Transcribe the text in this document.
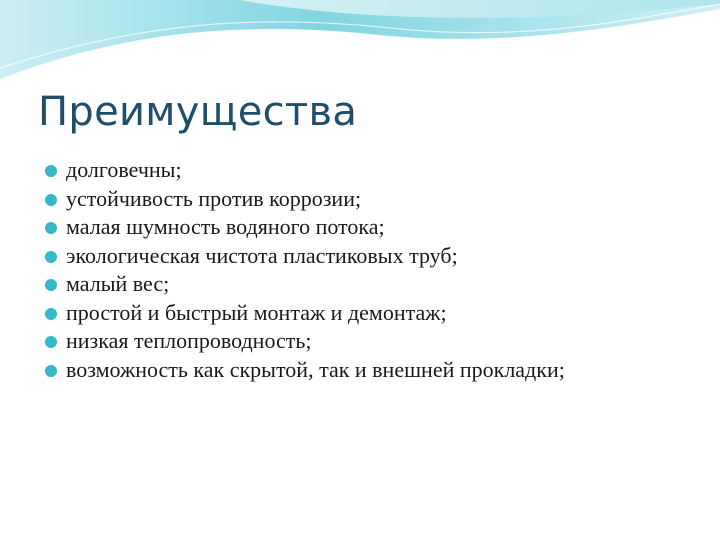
Преимущества
долговечны;
устойчивость против коррозии;
малая шумность водяного потока;
экологическая чистота пластиковых труб;
малый вес;
простой и быстрый монтаж и демонтаж;
низкая теплопроводность;
возможность как скрытой, так и внешней прокладки;
